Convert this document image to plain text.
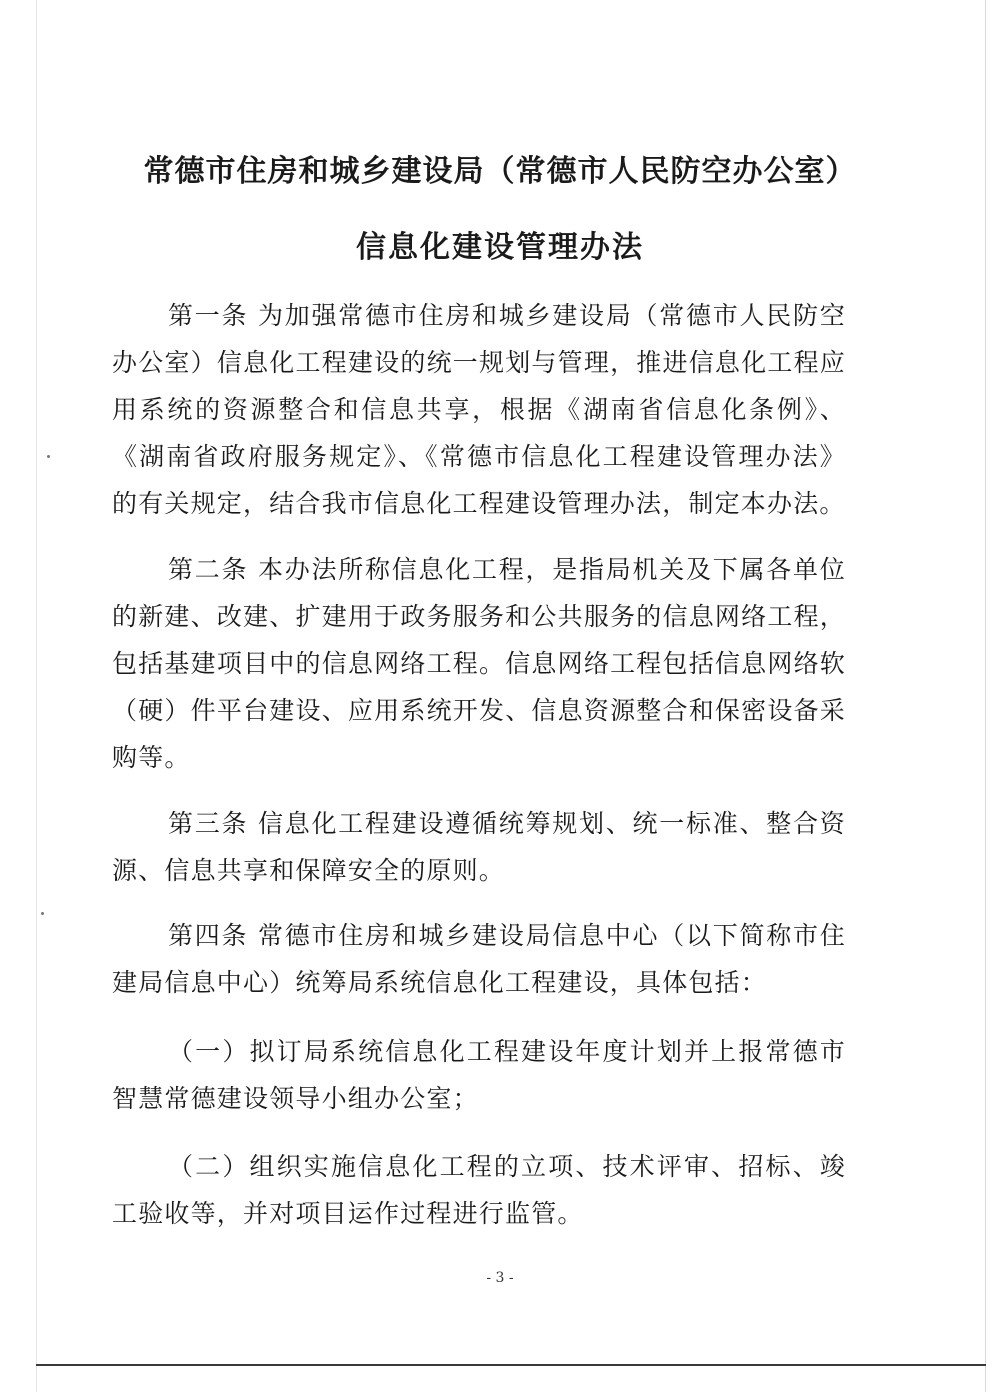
常德市住房和城乡建设局（常德市人民防空办公室）
信息化建设管理办法

第一条 为加强常德市住房和城乡建设局（常德市人民防空办公室）信息化工程建设的统一规划与管理，推进信息化工程应用系统的资源整合和信息共享，根据《湖南省信息化条例》、《湖南省政府服务规定》、《常德市信息化工程建设管理办法》的有关规定，结合我市信息化工程建设管理办法，制定本办法。

第二条 本办法所称信息化工程，是指局机关及下属各单位的新建、改建、扩建用于政务服务和公共服务的信息网络工程，包括基建项目中的信息网络工程。信息网络工程包括信息网络软（硬）件平台建设、应用系统开发、信息资源整合和保密设备采购等。

第三条 信息化工程建设遵循统筹规划、统一标准、整合资源、信息共享和保障安全的原则。

第四条 常德市住房和城乡建设局信息中心（以下简称市住建局信息中心）统筹局系统信息化工程建设，具体包括：

（一）拟订局系统信息化工程建设年度计划并上报常德市智慧常德建设领导小组办公室；

（二）组织实施信息化工程的立项、技术评审、招标、竣工验收等，并对项目运作过程进行监管。

- 3 -
